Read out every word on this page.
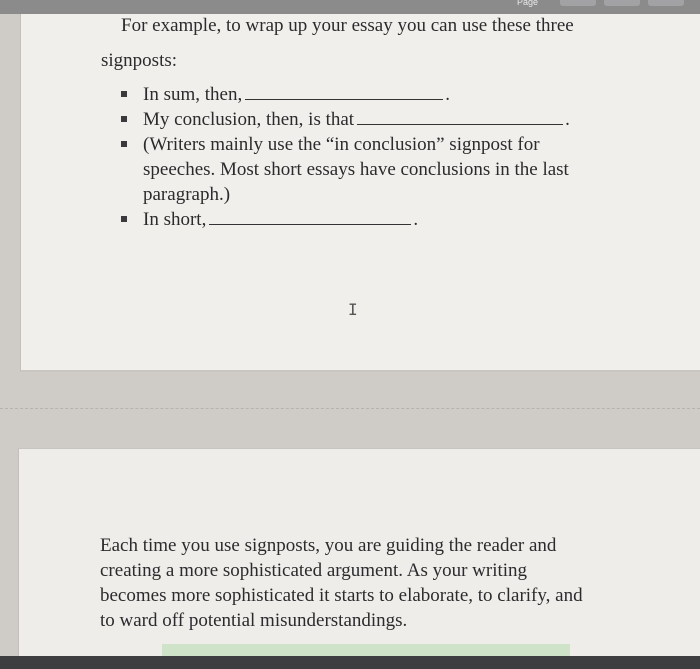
Page
For example, to wrap up your essay you can use these three
signposts:
In sum, then,	.
My conclusion, then, is that	.
(Writers mainly use the “in conclusion” signpost for
speeches. Most short essays have conclusions in the last
paragraph.)
In short,	.
I
Each time you use signposts, you are guiding the reader and
creating a more sophisticated argument. As your writing
becomes more sophisticated it starts to elaborate, to clarify, and
to ward off potential misunderstandings.
